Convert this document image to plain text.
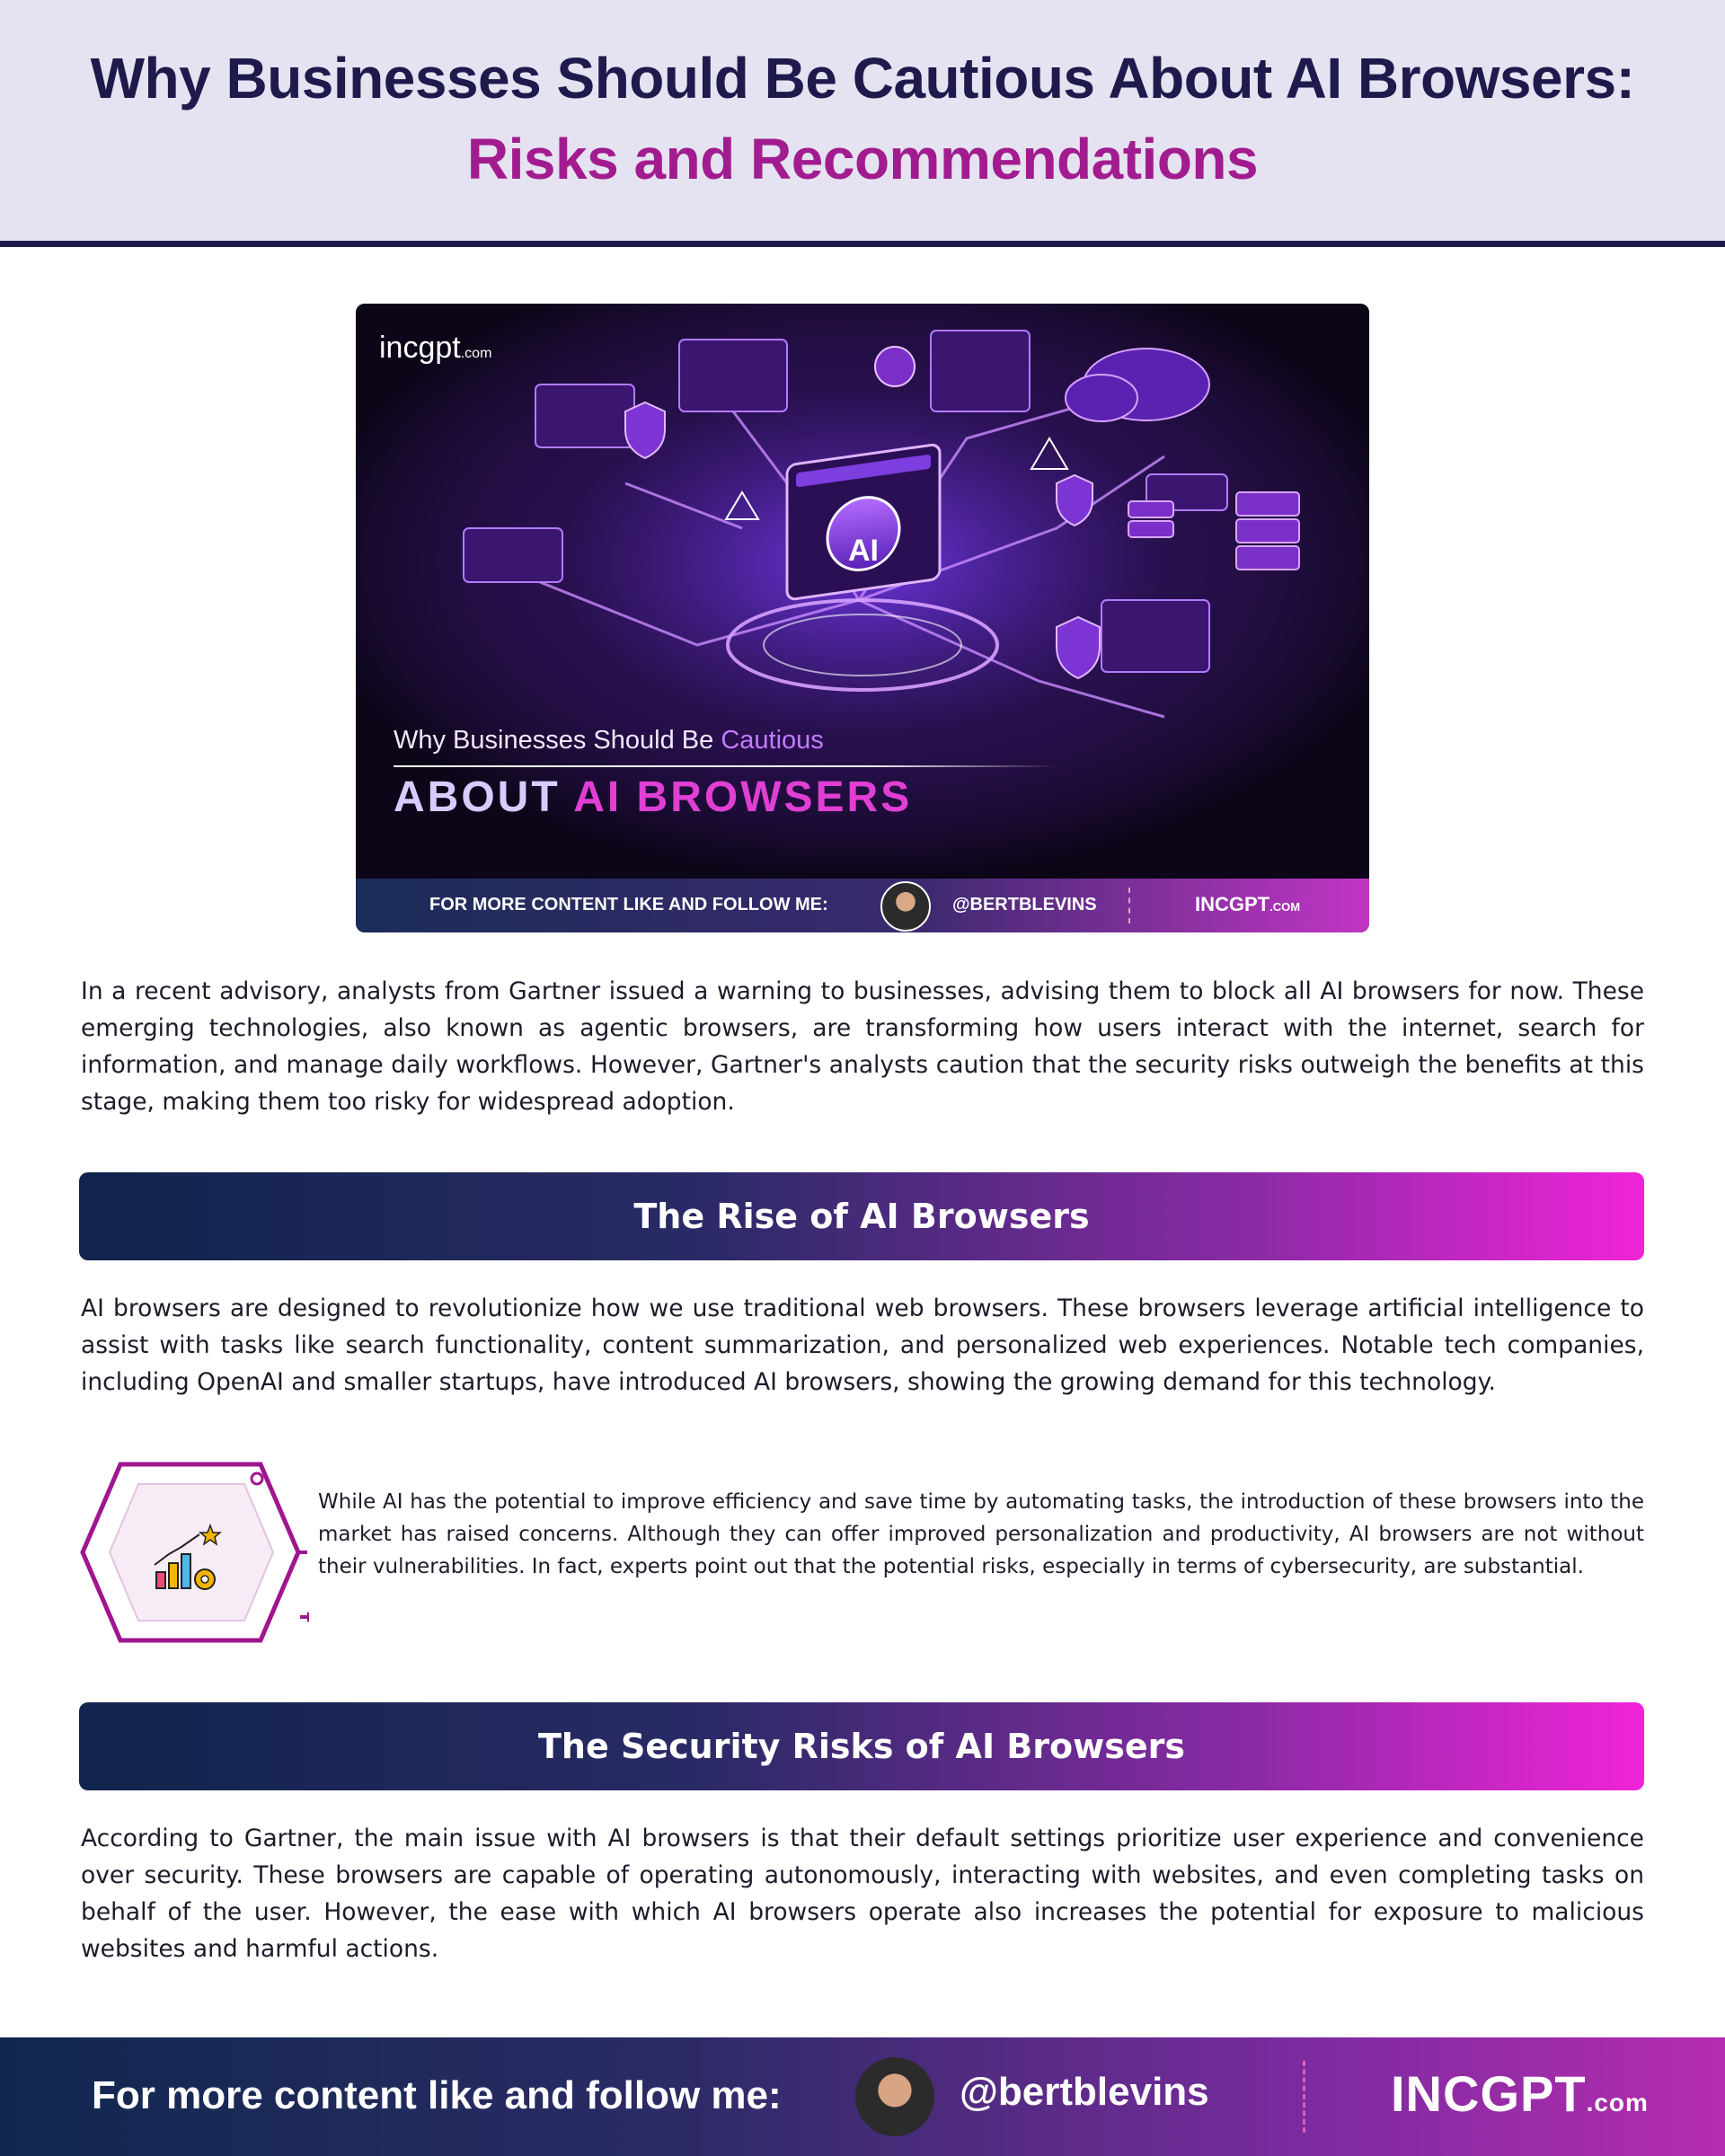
Why Businesses Should Be Cautious About AI Browsers:
Risks and Recommendations
AI
incgpt.com
Why Businesses Should Be Cautious
ABOUT AI BROWSERS
FOR MORE CONTENT LIKE AND FOLLOW ME:	@BERTBLEVINS	INCGPT.COM

In a recent advisory, analysts from Gartner issued a warning to businesses, advising them to block all AI browsers for now. These emerging technologies, also known as agentic browsers, are transforming how users interact with the internet, search for information, and manage daily workflows. However, Gartner's analysts caution that the security risks outweigh the benefits at this stage, making them too risky for widespread adoption.

The Rise of AI Browsers

AI browsers are designed to revolutionize how we use traditional web browsers. These browsers leverage artificial intelligence to assist with tasks like search functionality, content summarization, and personalized web experiences. Notable tech companies, including OpenAI and smaller startups, have introduced AI browsers, showing the growing demand for this technology.

While AI has the potential to improve efficiency and save time by automating tasks, the introduction of these browsers into the market has raised concerns. Although they can offer improved personalization and productivity, AI browsers are not without their vulnerabilities. In fact, experts point out that the potential risks, especially in terms of cybersecurity, are substantial.

The Security Risks of AI Browsers

According to Gartner, the main issue with AI browsers is that their default settings prioritize user experience and convenience over security. These browsers are capable of operating autonomously, interacting with websites, and even completing tasks on behalf of the user. However, the ease with which AI browsers operate also increases the potential for exposure to malicious websites and harmful actions.

For more content like and follow me:	@bertblevins	INCGPT.com
